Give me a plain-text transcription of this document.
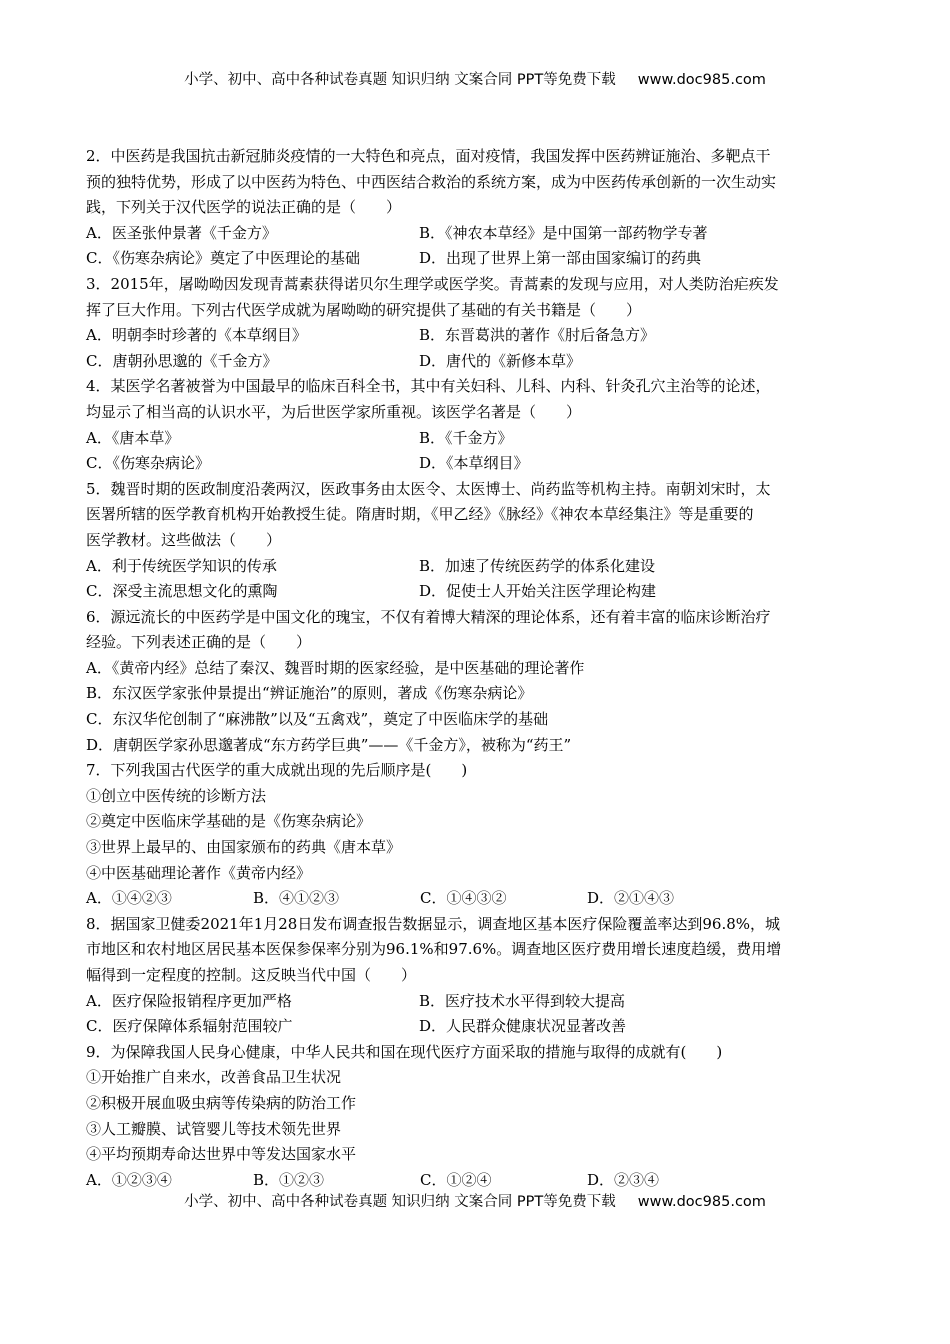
小学、初中、高中各种试卷真题 知识归纳 文案合同 PPT等免费下载 www.doc985.com
2．中医药是我国抗击新冠肺炎疫情的一大特色和亮点，面对疫情，我国发挥中医药辨证施治、多靶点干
预的独特优势，形成了以中医药为特色、中西医结合救治的系统方案，成为中医药传承创新的一次生动实
践，下列关于汉代医学的说法正确的是（　　）
A．医圣张仲景著《千金方》	B．《神农本草经》是中国第一部药物学专著
C．《伤寒杂病论》奠定了中医理论的基础	D．出现了世界上第一部由国家编订的药典
3．2015年，屠呦呦因发现青蒿素获得诺贝尔生理学或医学奖。青蒿素的发现与应用，对人类防治疟疾发
挥了巨大作用。下列古代医学成就为屠呦呦的研究提供了基础的有关书籍是（　　）
A．明朝李时珍著的《本草纲目》	B．东晋葛洪的著作《肘后备急方》
C．唐朝孙思邈的《千金方》	D．唐代的《新修本草》
4．某医学名著被誉为中国最早的临床百科全书，其中有关妇科、儿科、内科、针灸孔穴主治等的论述，
均显示了相当高的认识水平，为后世医学家所重视。该医学名著是（　　）
A．《唐本草》	B．《千金方》
C．《伤寒杂病论》	D．《本草纲目》
5．魏晋时期的医政制度沿袭两汉，医政事务由太医令、太医博士、尚药监等机构主持。南朝刘宋时，太
医署所辖的医学教育机构开始教授生徒。隋唐时期，《甲乙经》《脉经》《神农本草经集注》等是重要的
医学教材。这些做法（　　）
A．利于传统医学知识的传承	B．加速了传统医药学的体系化建设
C．深受主流思想文化的熏陶	D．促使士人开始关注医学理论构建
6．源远流长的中医药学是中国文化的瑰宝，不仅有着博大精深的理论体系，还有着丰富的临床诊断治疗
经验。下列表述正确的是（　　）
A．《黄帝内经》总结了秦汉、魏晋时期的医家经验，是中医基础的理论著作
B．东汉医学家张仲景提出“辨证施治”的原则，著成《伤寒杂病论》
C．东汉华佗创制了“麻沸散”以及“五禽戏”，奠定了中医临床学的基础
D．唐朝医学家孙思邈著成“东方药学巨典”——《千金方》，被称为“药王”
7．下列我国古代医学的重大成就出现的先后顺序是(　　)
①创立中医传统的诊断方法
②奠定中医临床学基础的是《伤寒杂病论》
③世界上最早的、由国家颁布的药典《唐本草》
④中医基础理论著作《黄帝内经》
A．①④②③	B．④①②③	C．①④③②	D．②①④③
8．据国家卫健委2021年1月28日发布调查报告数据显示，调查地区基本医疗保险覆盖率达到96.8%，城
市地区和农村地区居民基本医保参保率分别为96.1%和97.6%。调查地区医疗费用增长速度趋缓，费用增
幅得到一定程度的控制。这反映当代中国（　　）
A．医疗保险报销程序更加严格	B．医疗技术水平得到较大提高
C．医疗保障体系辐射范围较广	D．人民群众健康状况显著改善
9．为保障我国人民身心健康，中华人民共和国在现代医疗方面采取的措施与取得的成就有(　　)
①开始推广自来水，改善食品卫生状况
②积极开展血吸虫病等传染病的防治工作
③人工瓣膜、试管婴儿等技术领先世界
④平均预期寿命达世界中等发达国家水平
A．①②③④	B．①②③	C．①②④	D．②③④
小学、初中、高中各种试卷真题 知识归纳 文案合同 PPT等免费下载 www.doc985.com
